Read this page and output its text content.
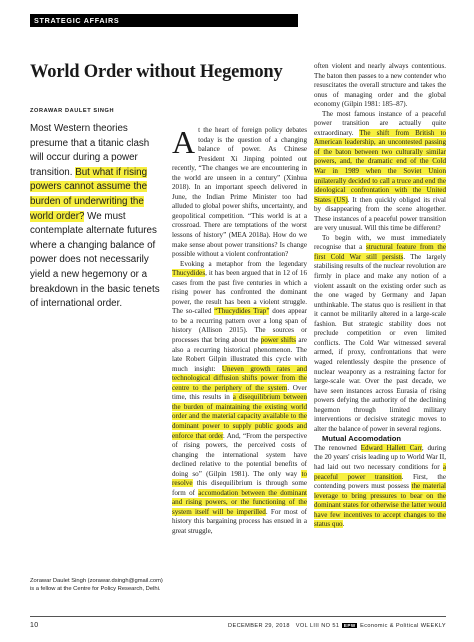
STRATEGIC AFFAIRS
World Order without Hegemony
ZORAWAR DAULET SINGH
Most Western theories presume that a titanic clash will occur during a power transition. But what if rising powers cannot assume the burden of underwriting the world order? We must contemplate alternate futures where a changing balance of power does not necessarily yield a new hegemony or a breakdown in the basic tenets of international order.

At the heart of foreign policy debates today is the question of a changing balance of power. As Chinese President Xi Jinping pointed out recently, “The changes we are encountering in the world are unseen in a century” (Xinhua 2018). In an important speech delivered in June, the Indian Prime Minister too had alluded to global power shifts, uncertainty, and geopolitical competition. “This world is at a crossroad. There are temptations of the worst lessons of history” (MEA 2018a). How do we make sense about power transitions? Is change possible without a violent confrontation?

Evoking a metaphor from the legendary Thucydides, it has been argued that in 12 of 16 cases from the past five centuries in which a rising power has confronted the dominant power, the result has been a violent struggle. The so-called “Thucydides Trap” does appear to be a recurring pattern over a long span of history (Allison 2015). The sources or processes that bring about the power shifts are also a recurring historical phenomenon. The late Robert Gilpin illustrated this cycle with much insight: Uneven growth rates and technological diffusion shifts power from the centre to the periphery of the system. Over time, this results in a disequilibrium between the burden of maintaining the existing world order and the material capacity available to the dominant power to supply public goods and enforce that order. And, “From the perspective of rising powers, the perceived costs of changing the international system have declined relative to the potential benefits of doing so” (Gilpin 1981). The only way to resolve this disequilibrium is through some form of accomodation between the dominant and rising powers, or the functioning of the system itself will be imperilled. For most of history this bargaining process has ensued in a great struggle,

often violent and nearly always contentious. The baton then passes to a new contender who resuscitates the overall structure and takes the onus of managing order and the global economy (Gilpin 1981: 185–87).

The most famous instance of a peaceful power transition are actually quite extraordinary. The shift from British to American leadership, an uncontested passing of the baton between two culturally similar powers, and, the dramatic end of the Cold War in 1989 when the Soviet Union unilaterally decided to call a truce and end the ideological confrontation with the United States (US). It then quickly obliged its rival by disappearing from the scene altogether. These instances of a peaceful power transition are very unusual. Will this time be different?

To begin with, we must immediately recognise that a structural feature from the first Cold War still persists. The largely stabilising results of the nuclear revolution are firmly in place and make any notion of a violent assault on the existing order such as the one waged by Germany and Japan unthinkable. The status quo is resilient in that it cannot be militarily altered in a large-scale fashion. But strategic stability does not preclude competition or even limited conflicts. The Cold War witnessed several armed, if proxy, confrontations that were waged relentlessly despite the presence of nuclear weaponry as a restraining factor for large-scale war. Over the past decade, we have seen instances across Eurasia of rising powers defying the authority of the declining hegemon through limited military interventions or decisive strategic moves to alter the balance of power in several regions.

Mutual Accomodation

The renowned Edward Hallett Carr, during the 20 years' crisis leading up to World War II, had laid out two necessary conditions for a peaceful power transition. First, the contending powers must possess the material leverage to bring pressures to bear on the dominant states for otherwise the latter would have few incentives to accept changes to the status quo.

Zorawar Daulet Singh (zorawar.dsingh@gmail.com) is a fellow at the Centre for Policy Research, Delhi.
10	DECEMBER 29, 2018 VOL LIII NO 51 EPW Economic & Political WEEKLY
